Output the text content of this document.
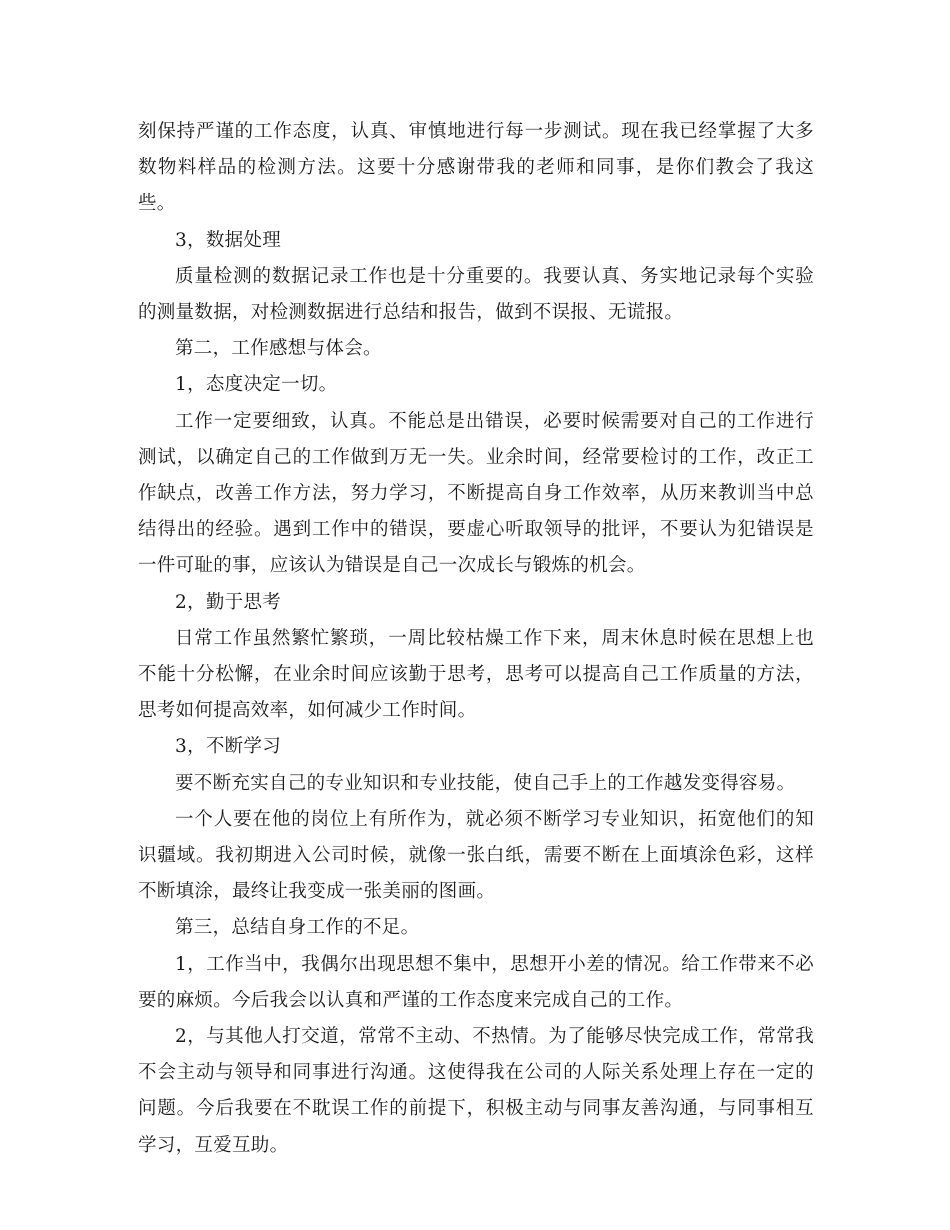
刻保持严谨的工作态度，认真、审慎地进行每一步测试。现在我已经掌握了大多数物料样品的检测方法。这要十分感谢带我的老师和同事，是你们教会了我这些。

3，数据处理

质量检测的数据记录工作也是十分重要的。我要认真、务实地记录每个实验的测量数据，对检测数据进行总结和报告，做到不误报、无谎报。

第二，工作感想与体会。

1，态度决定一切。

工作一定要细致，认真。不能总是出错误，必要时候需要对自己的工作进行测试，以确定自己的工作做到万无一失。业余时间，经常要检讨的工作，改正工作缺点，改善工作方法，努力学习，不断提高自身工作效率，从历来教训当中总结得出的经验。遇到工作中的错误，要虚心听取领导的批评，不要认为犯错误是一件可耻的事，应该认为错误是自己一次成长与锻炼的机会。

2，勤于思考

日常工作虽然繁忙繁琐，一周比较枯燥工作下来，周末休息时候在思想上也不能十分松懈，在业余时间应该勤于思考，思考可以提高自己工作质量的方法，思考如何提高效率，如何减少工作时间。

3，不断学习

要不断充实自己的专业知识和专业技能，使自己手上的工作越发变得容易。

一个人要在他的岗位上有所作为，就必须不断学习专业知识，拓宽他们的知识疆域。我初期进入公司时候，就像一张白纸，需要不断在上面填涂色彩，这样不断填涂，最终让我变成一张美丽的图画。

第三，总结自身工作的不足。

1，工作当中，我偶尔出现思想不集中，思想开小差的情况。给工作带来不必要的麻烦。今后我会以认真和严谨的工作态度来完成自己的工作。

2，与其他人打交道，常常不主动、不热情。为了能够尽快完成工作，常常我不会主动与领导和同事进行沟通。这使得我在公司的人际关系处理上存在一定的问题。今后我要在不耽误工作的前提下，积极主动与同事友善沟通，与同事相互学习，互爱互助。
